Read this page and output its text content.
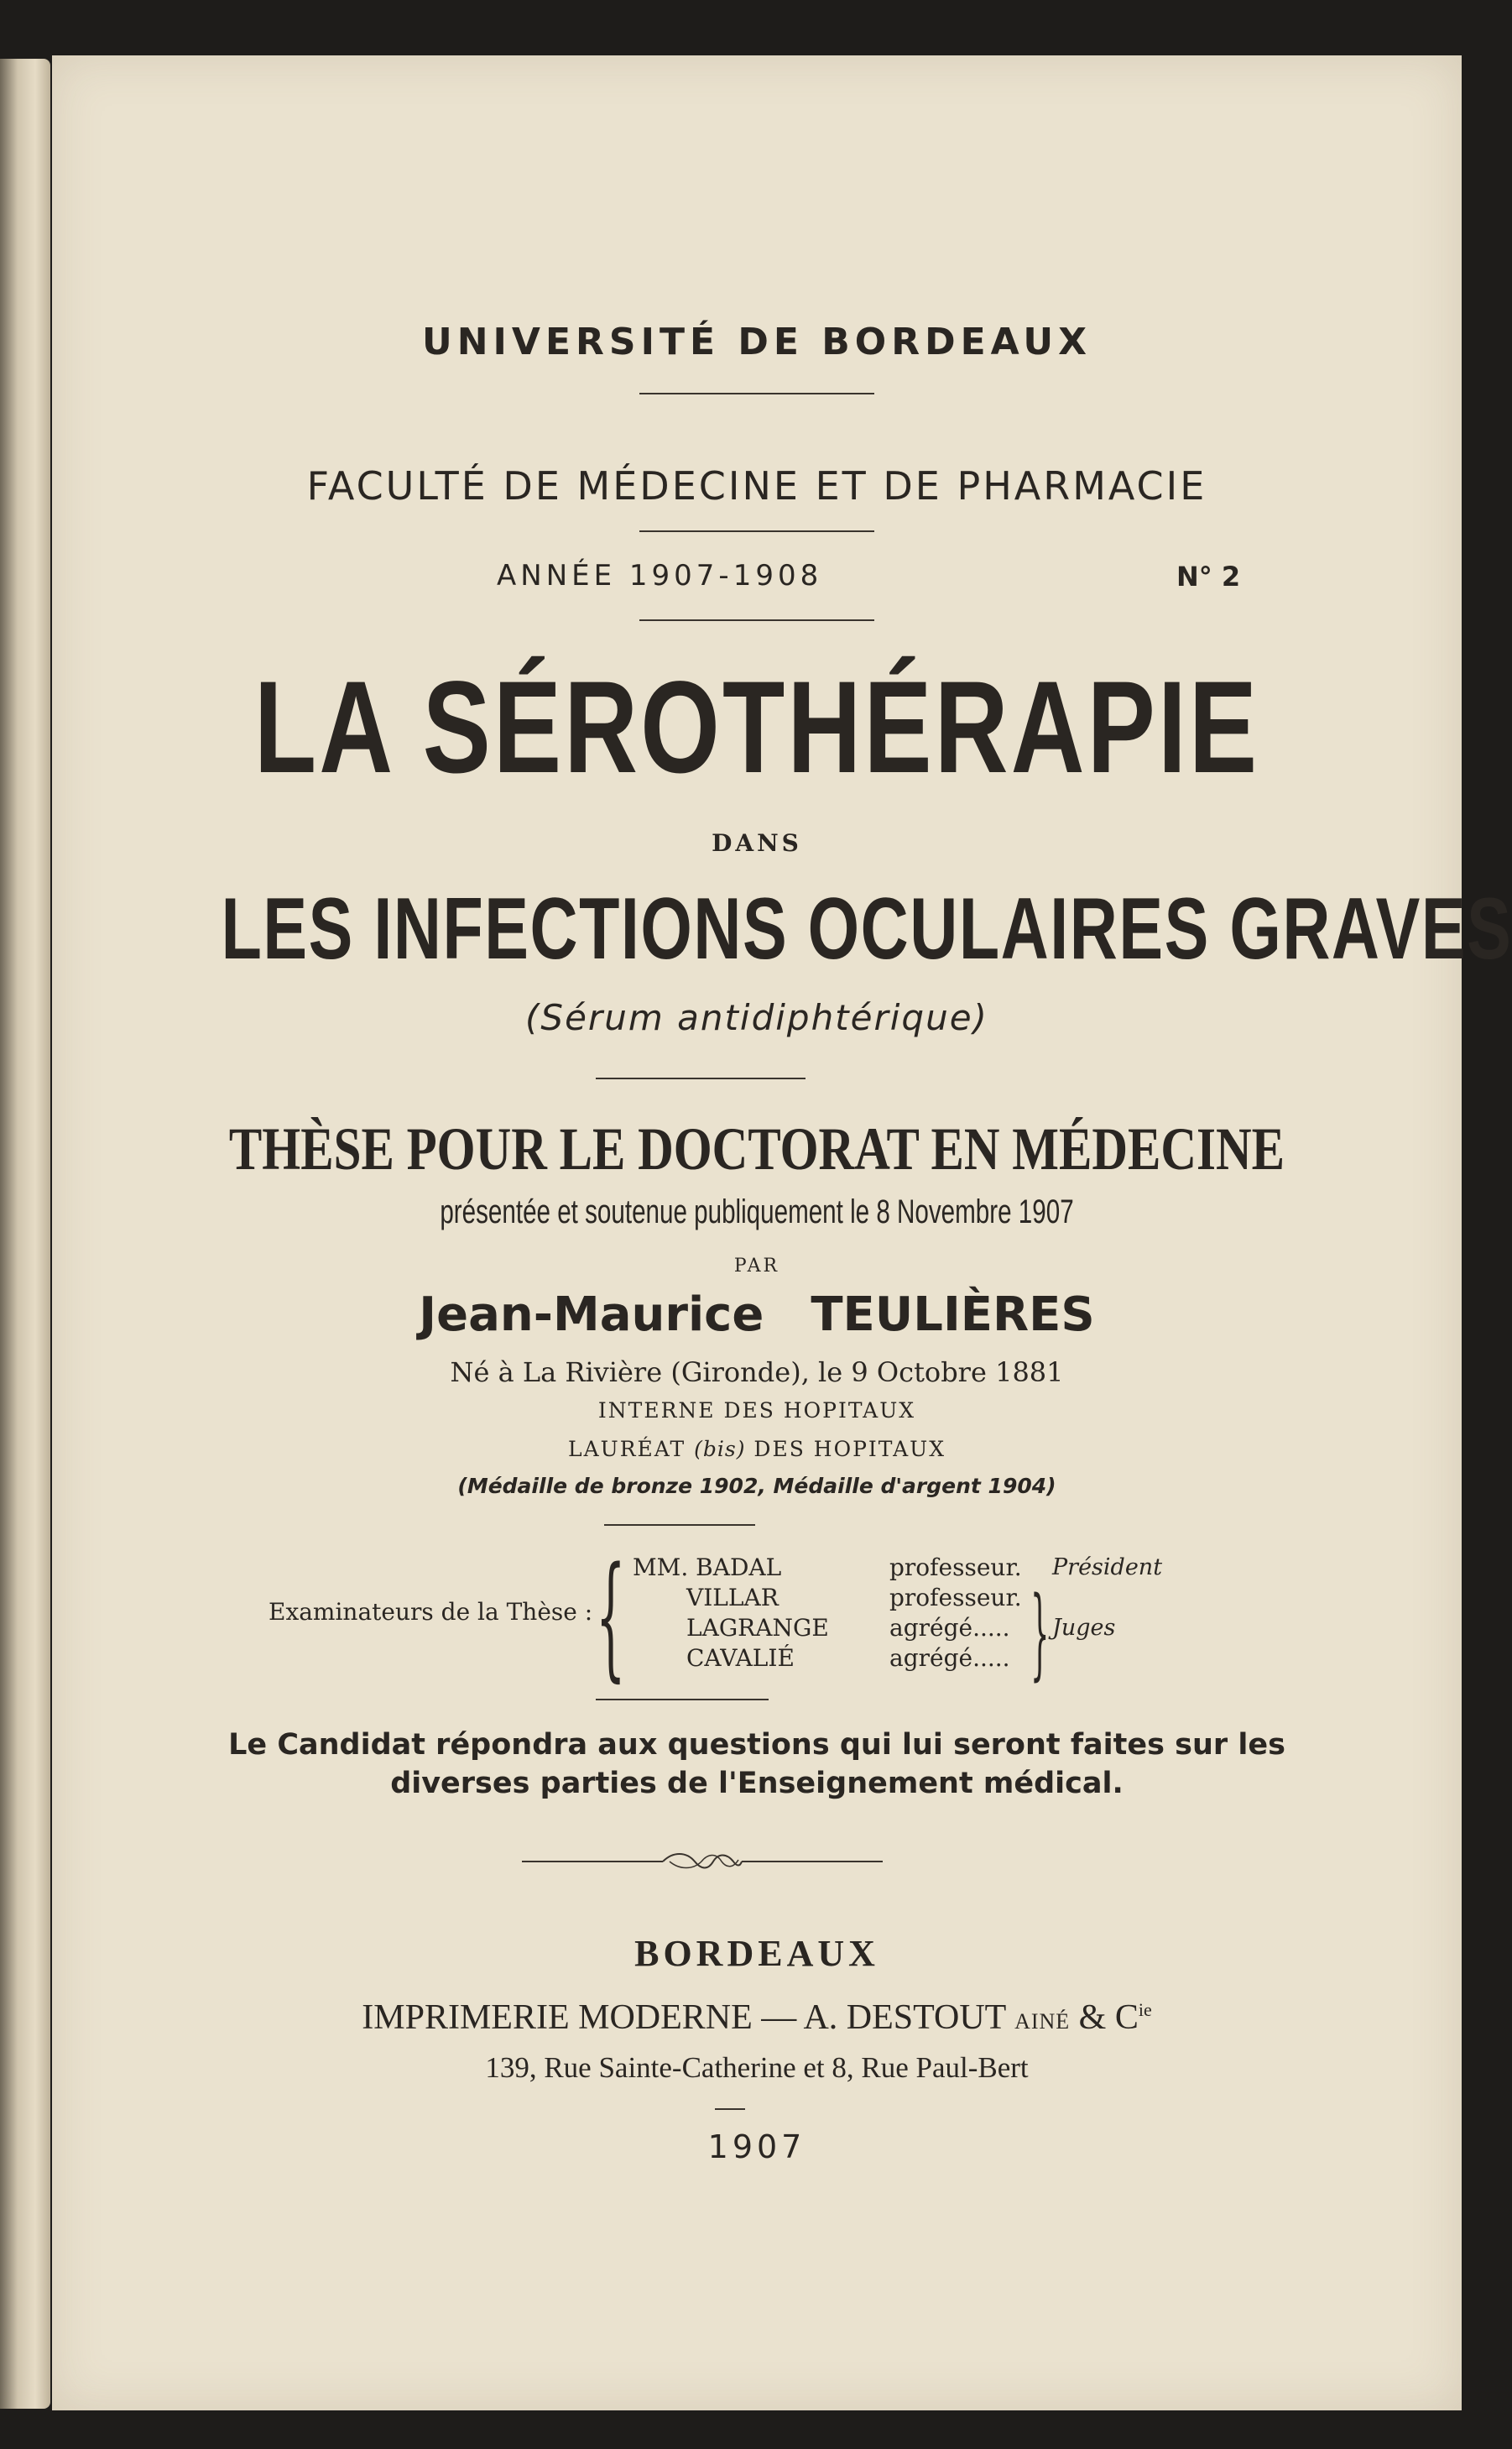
UNIVERSITÉ DE BORDEAUX
FACULTÉ DE MÉDECINE ET DE PHARMACIE
ANNÉE 1907-1908	N° 2
LA SÉROTHÉRAPIE
DANS
LES INFECTIONS OCULAIRES GRAVES
(Sérum antidiphtérique)
THÈSE POUR LE DOCTORAT EN MÉDECINE
présentée et soutenue publiquement le 8 Novembre 1907
PAR
Jean-Maurice TEULIÈRES
Né à La Rivière (Gironde), le 9 Octobre 1881
INTERNE DES HOPITAUX
LAURÉAT (bis) DES HOPITAUX
(Médaille de bronze 1902, Médaille d'argent 1904)
Examinateurs de la Thèse : { MM. BADAL
VILLAR
LAGRANGE
CAVALIÉ
professeur.
professeur.
agrégé.....
agrégé.....
Président
} Juges
Le Candidat répondra aux questions qui lui seront faites sur les
diverses parties de l'Enseignement médical.
BORDEAUX
IMPRIMERIE MODERNE — A. DESTOUT AINÉ & $C^{ie}$
139, Rue Sainte-Catherine et 8, Rue Paul-Bert
1907
